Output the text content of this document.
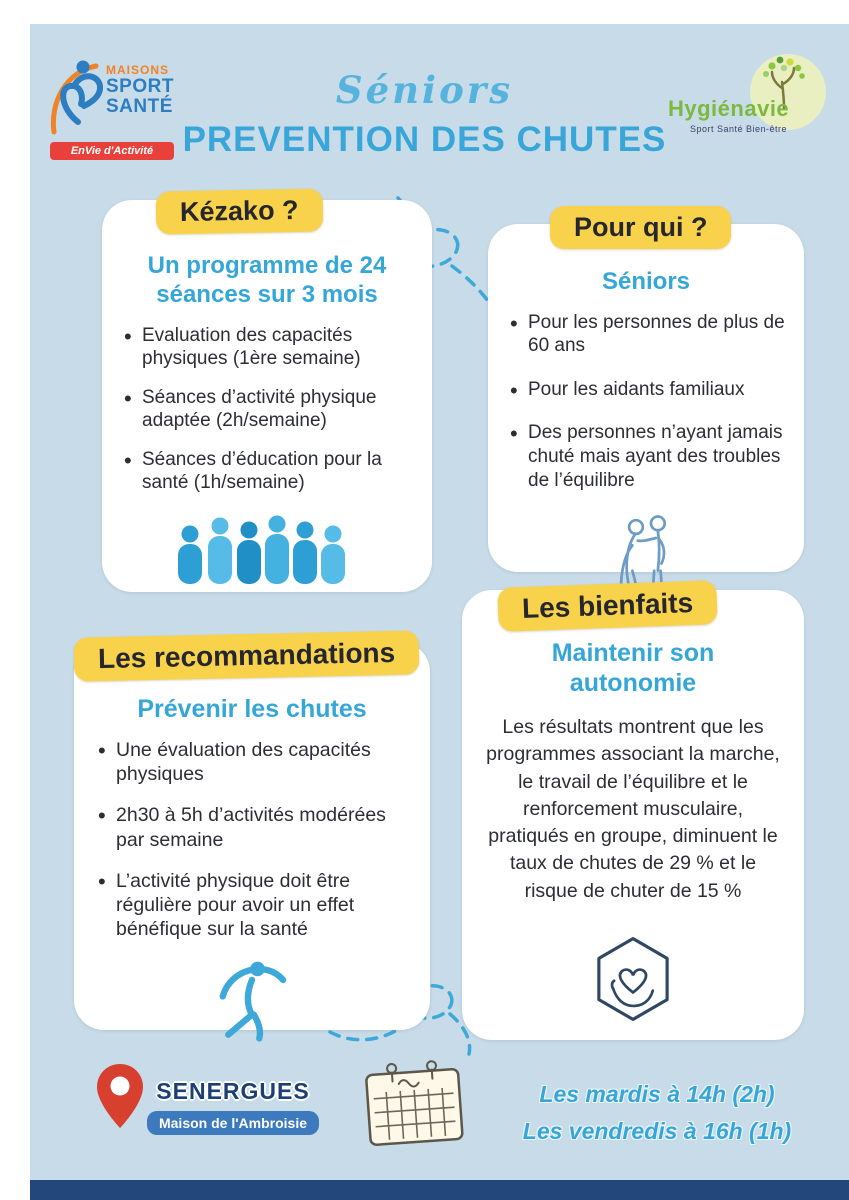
MAISONS
SPORT
SANTÉ
EnVie d'Activité
Séniors
PREVENTION DES CHUTES
Hygiénavie
Sport Santé Bien-être
Kézako ?
Un programme de 24 séances sur 3 mois
• Evaluation des capacités physiques (1ère semaine)
• Séances d’activité physique adaptée (2h/semaine)
• Séances d’éducation pour la santé (1h/semaine)
Pour qui ?
Séniors
• Pour les personnes de plus de 60 ans
• Pour les aidants familiaux
• Des personnes n’ayant jamais chuté mais ayant des troubles de l’équilibre
Les recommandations
Prévenir les chutes
• Une évaluation des capacités physiques
• 2h30 à 5h d’activités modérées par semaine
• L’activité physique doit être régulière pour avoir un effet bénéfique sur la santé
Les bienfaits
Maintenir son autonomie
Les résultats montrent que les programmes associant la marche, le travail de l’équilibre et le renforcement musculaire, pratiqués en groupe, diminuent le taux de chutes de 29 % et le risque de chuter de 15 %
SENERGUES
Maison de l'Ambroisie
Les mardis à 14h (2h)
Les vendredis à 16h (1h)
